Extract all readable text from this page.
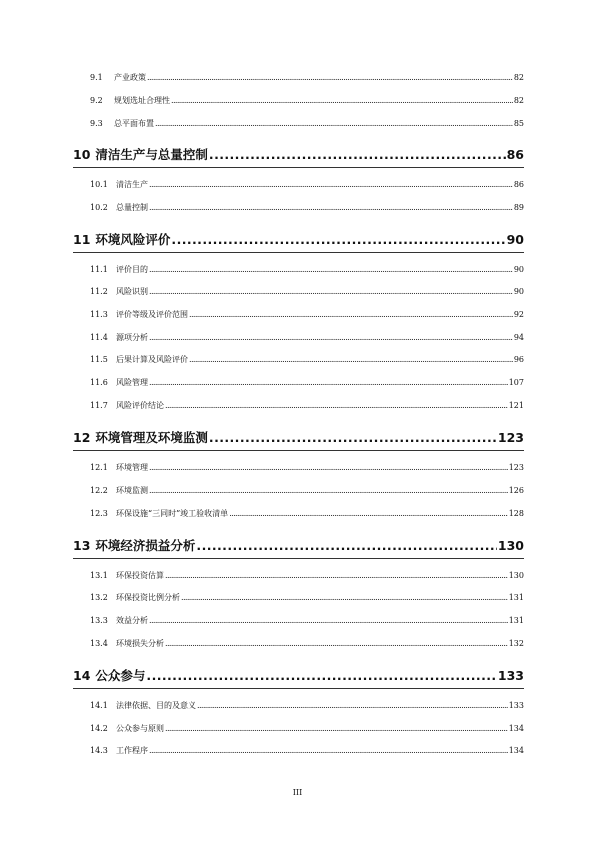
9.1	产业政策 .....	82
9.2	规划选址合理性 .....	82
9.3	总平面布置 .....	85
10 清洁生产与总量控制 .....	86
10.1	清洁生产 .....	86
10.2	总量控制 .....	89
11 环境风险评价 .....	90
11.1	评价目的 .....	90
11.2	风险识别 .....	90
11.3	评价等级及评价范围 .....	92
11.4	源项分析 .....	94
11.5	后果计算及风险评价 .....	96
11.6	风险管理 .....	107
11.7	风险评价结论 .....	121
12 环境管理及环境监测 .....	123
12.1	环境管理 .....	123
12.2	环境监测 .....	126
12.3	环保设施“三同时”竣工验收清单 .....	128
13 环境经济损益分析 .....	130
13.1	环保投资估算 .....	130
13.2	环保投资比例分析 .....	131
13.3	效益分析 .....	131
13.4	环境损失分析 .....	132
14 公众参与 .....	133
14.1	法律依据、目的及意义 .....	133
14.2	公众参与原则 .....	134
14.3	工作程序 .....	134
III
